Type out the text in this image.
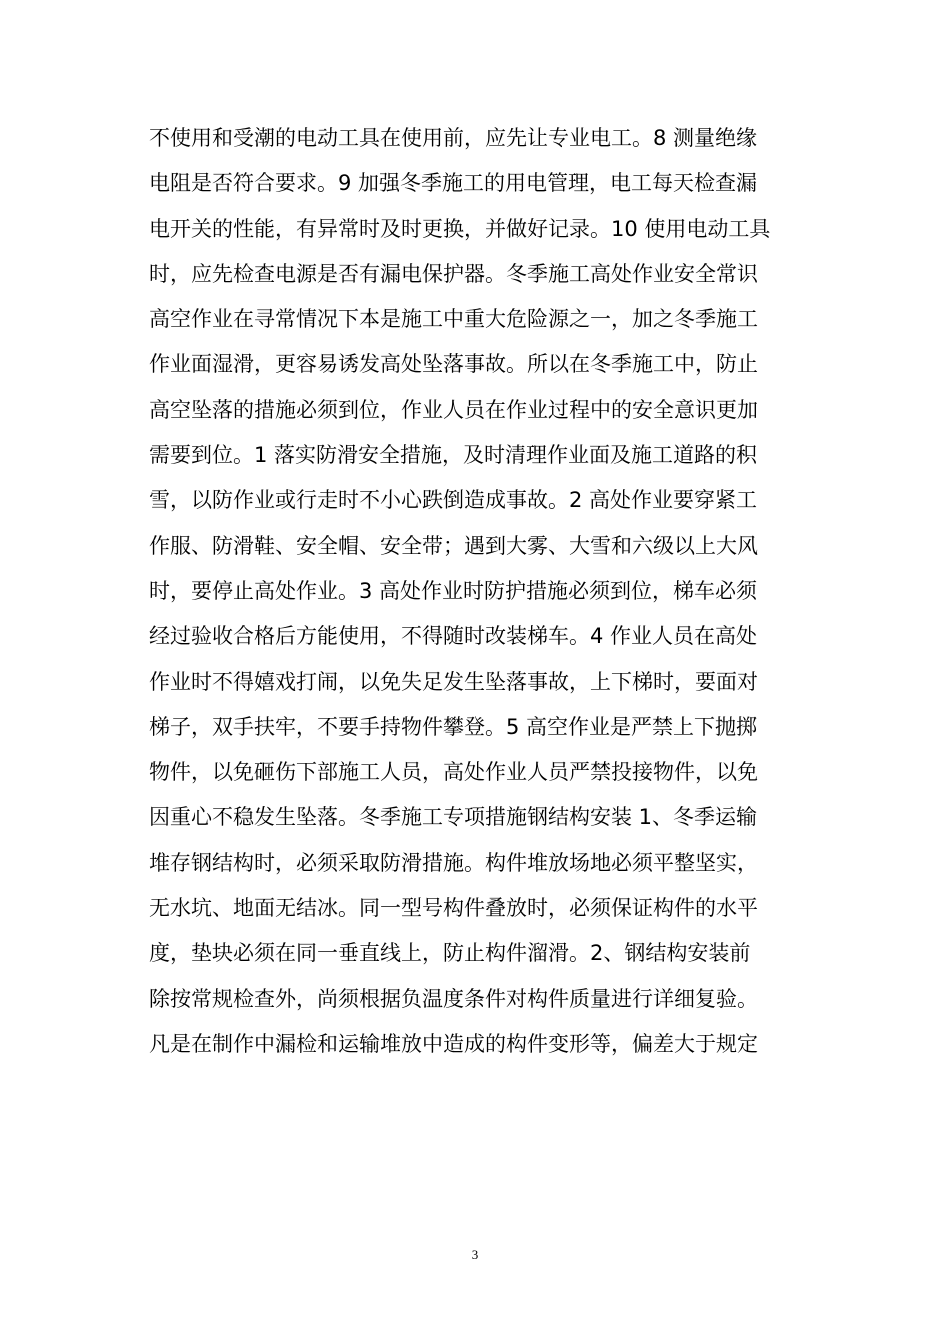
不使用和受潮的电动工具在使用前，应先让专业电工。8 测量绝缘
电阻是否符合要求。9 加强冬季施工的用电管理，电工每天检查漏
电开关的性能，有异常时及时更换，并做好记录。10 使用电动工具
时，应先检查电源是否有漏电保护器。冬季施工高处作业安全常识
高空作业在寻常情况下本是施工中重大危险源之一，加之冬季施工
作业面湿滑，更容易诱发高处坠落事故。所以在冬季施工中，防止
高空坠落的措施必须到位，作业人员在作业过程中的安全意识更加
需要到位。1 落实防滑安全措施，及时清理作业面及施工道路的积
雪，以防作业或行走时不小心跌倒造成事故。2 高处作业要穿紧工
作服、防滑鞋、安全帽、安全带；遇到大雾、大雪和六级以上大风
时，要停止高处作业。3 高处作业时防护措施必须到位，梯车必须
经过验收合格后方能使用，不得随时改装梯车。4 作业人员在高处
作业时不得嬉戏打闹，以免失足发生坠落事故，上下梯时，要面对
梯子，双手扶牢，不要手持物件攀登。5 高空作业是严禁上下抛掷
物件，以免砸伤下部施工人员，高处作业人员严禁投接物件，以免
因重心不稳发生坠落。冬季施工专项措施钢结构安装 1、冬季运输
堆存钢结构时，必须采取防滑措施。构件堆放场地必须平整坚实，
无水坑、地面无结冰。同一型号构件叠放时，必须保证构件的水平
度，垫块必须在同一垂直线上，防止构件溜滑。2、钢结构安装前
除按常规检查外，尚须根据负温度条件对构件质量进行详细复验。
凡是在制作中漏检和运输堆放中造成的构件变形等，偏差大于规定
3
